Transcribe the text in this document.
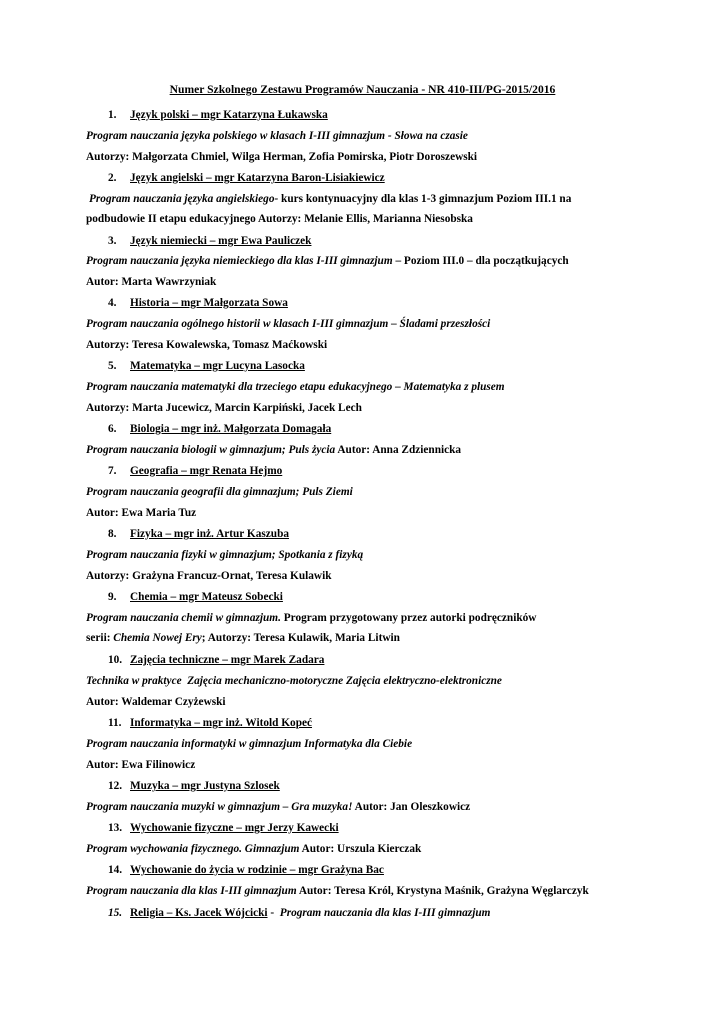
Numer Szkolnego Zestawu Programów Nauczania - NR 410-III/PG-2015/2016
1. Język polski – mgr Katarzyna Łukawska
Program nauczania języka polskiego w klasach I-III gimnazjum - Słowa na czasie
Autorzy: Małgorzata Chmiel, Wilga Herman, Zofia Pomirska, Piotr Doroszewski
2. Język angielski – mgr Katarzyna Baron-Lisiakiewicz
Program nauczania języka angielskiego- kurs kontynuacyjny dla klas 1-3 gimnazjum Poziom III.1 na
podbudowie II etapu edukacyjnego Autorzy: Melanie Ellis, Marianna Niesobska
3. Język niemiecki – mgr Ewa Pauliczek
Program nauczania języka niemieckiego dla klas I-III gimnazjum – Poziom III.0 – dla początkujących
Autor: Marta Wawrzyniak
4. Historia – mgr Małgorzata Sowa
Program nauczania ogólnego historii w klasach I-III gimnazjum – Śladami przeszłości
Autorzy: Teresa Kowalewska, Tomasz Maćkowski
5. Matematyka – mgr Lucyna Lasocka
Program nauczania matematyki dla trzeciego etapu edukacyjnego – Matematyka z plusem
Autorzy: Marta Jucewicz, Marcin Karpiński, Jacek Lech
6. Biologia – mgr inż. Małgorzata Domagała
Program nauczania biologii w gimnazjum; Puls życia Autor: Anna Zdziennicka
7. Geografia – mgr Renata Hejmo
Program nauczania geografii dla gimnazjum; Puls Ziemi
Autor: Ewa Maria Tuz
8. Fizyka – mgr inż. Artur Kaszuba
Program nauczania fizyki w gimnazjum; Spotkania z fizyką
Autorzy: Grażyna Francuz-Ornat, Teresa Kulawik
9. Chemia – mgr Mateusz Sobecki
Program nauczania chemii w gimnazjum. Program przygotowany przez autorki podręczników
serii: Chemia Nowej Ery; Autorzy: Teresa Kulawik, Maria Litwin
10. Zajęcia techniczne – mgr Marek Zadara
Technika w praktyce  Zajęcia mechaniczno-motoryczne Zajęcia elektryczno-elektroniczne
Autor: Waldemar Czyżewski
11. Informatyka – mgr inż. Witold Kopeć
Program nauczania informatyki w gimnazjum Informatyka dla Ciebie
Autor: Ewa Filinowicz
12. Muzyka – mgr Justyna Szlosek
Program nauczania muzyki w gimnazjum – Gra muzyka! Autor: Jan Oleszkowicz
13. Wychowanie fizyczne – mgr Jerzy Kawecki
Program wychowania fizycznego. Gimnazjum Autor: Urszula Kierczak
14. Wychowanie do życia w rodzinie – mgr Grażyna Bac
Program nauczania dla klas I-III gimnazjum Autor: Teresa Król, Krystyna Maśnik, Grażyna Węglarczyk
15. Religia – Ks. Jacek Wójcicki -  Program nauczania dla klas I-III gimnazjum
